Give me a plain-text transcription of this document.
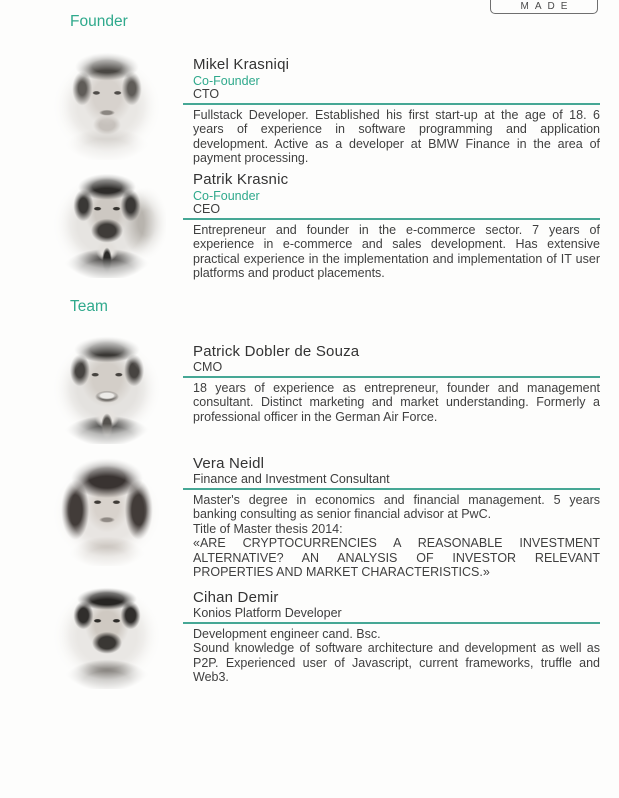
MADE
Founder
Mikel Krasniqi
Co-Founder
CTO

Fullstack Developer. Established his first start-up at the age of 18. 6 years of experience in software programming and application development. Active as a developer at BMW Finance in the area of payment processing.

Patrik Krasnic
Co-Founder
CEO

Entrepreneur and founder in the e-commerce sector. 7 years of experience in e-commerce and sales development. Has extensive practical experience in the implementation and implementation of IT user platforms and product placements.

Team
Patrick Dobler de Souza
CMO

18 years of experience as entrepreneur, founder and management consultant. Distinct marketing and market understanding. Formerly a professional officer in the German Air Force.

Vera Neidl
Finance and Investment Consultant

Master's degree in economics and financial management. 5 years banking consulting as senior financial advisor at PwC.

Title of Master thesis 2014:

«ARE CRYPTOCURRENCIES A REASONABLE INVESTMENT ALTERNATIVE? AN ANALYSIS OF INVESTOR RELEVANT PROPERTIES AND MARKET CHARACTERISTICS.»

Cihan Demir
Konios Platform Developer

Development engineer cand. Bsc.

Sound knowledge of software architecture and development as well as P2P. Experienced user of Javascript, current frameworks, truffle and Web3.
